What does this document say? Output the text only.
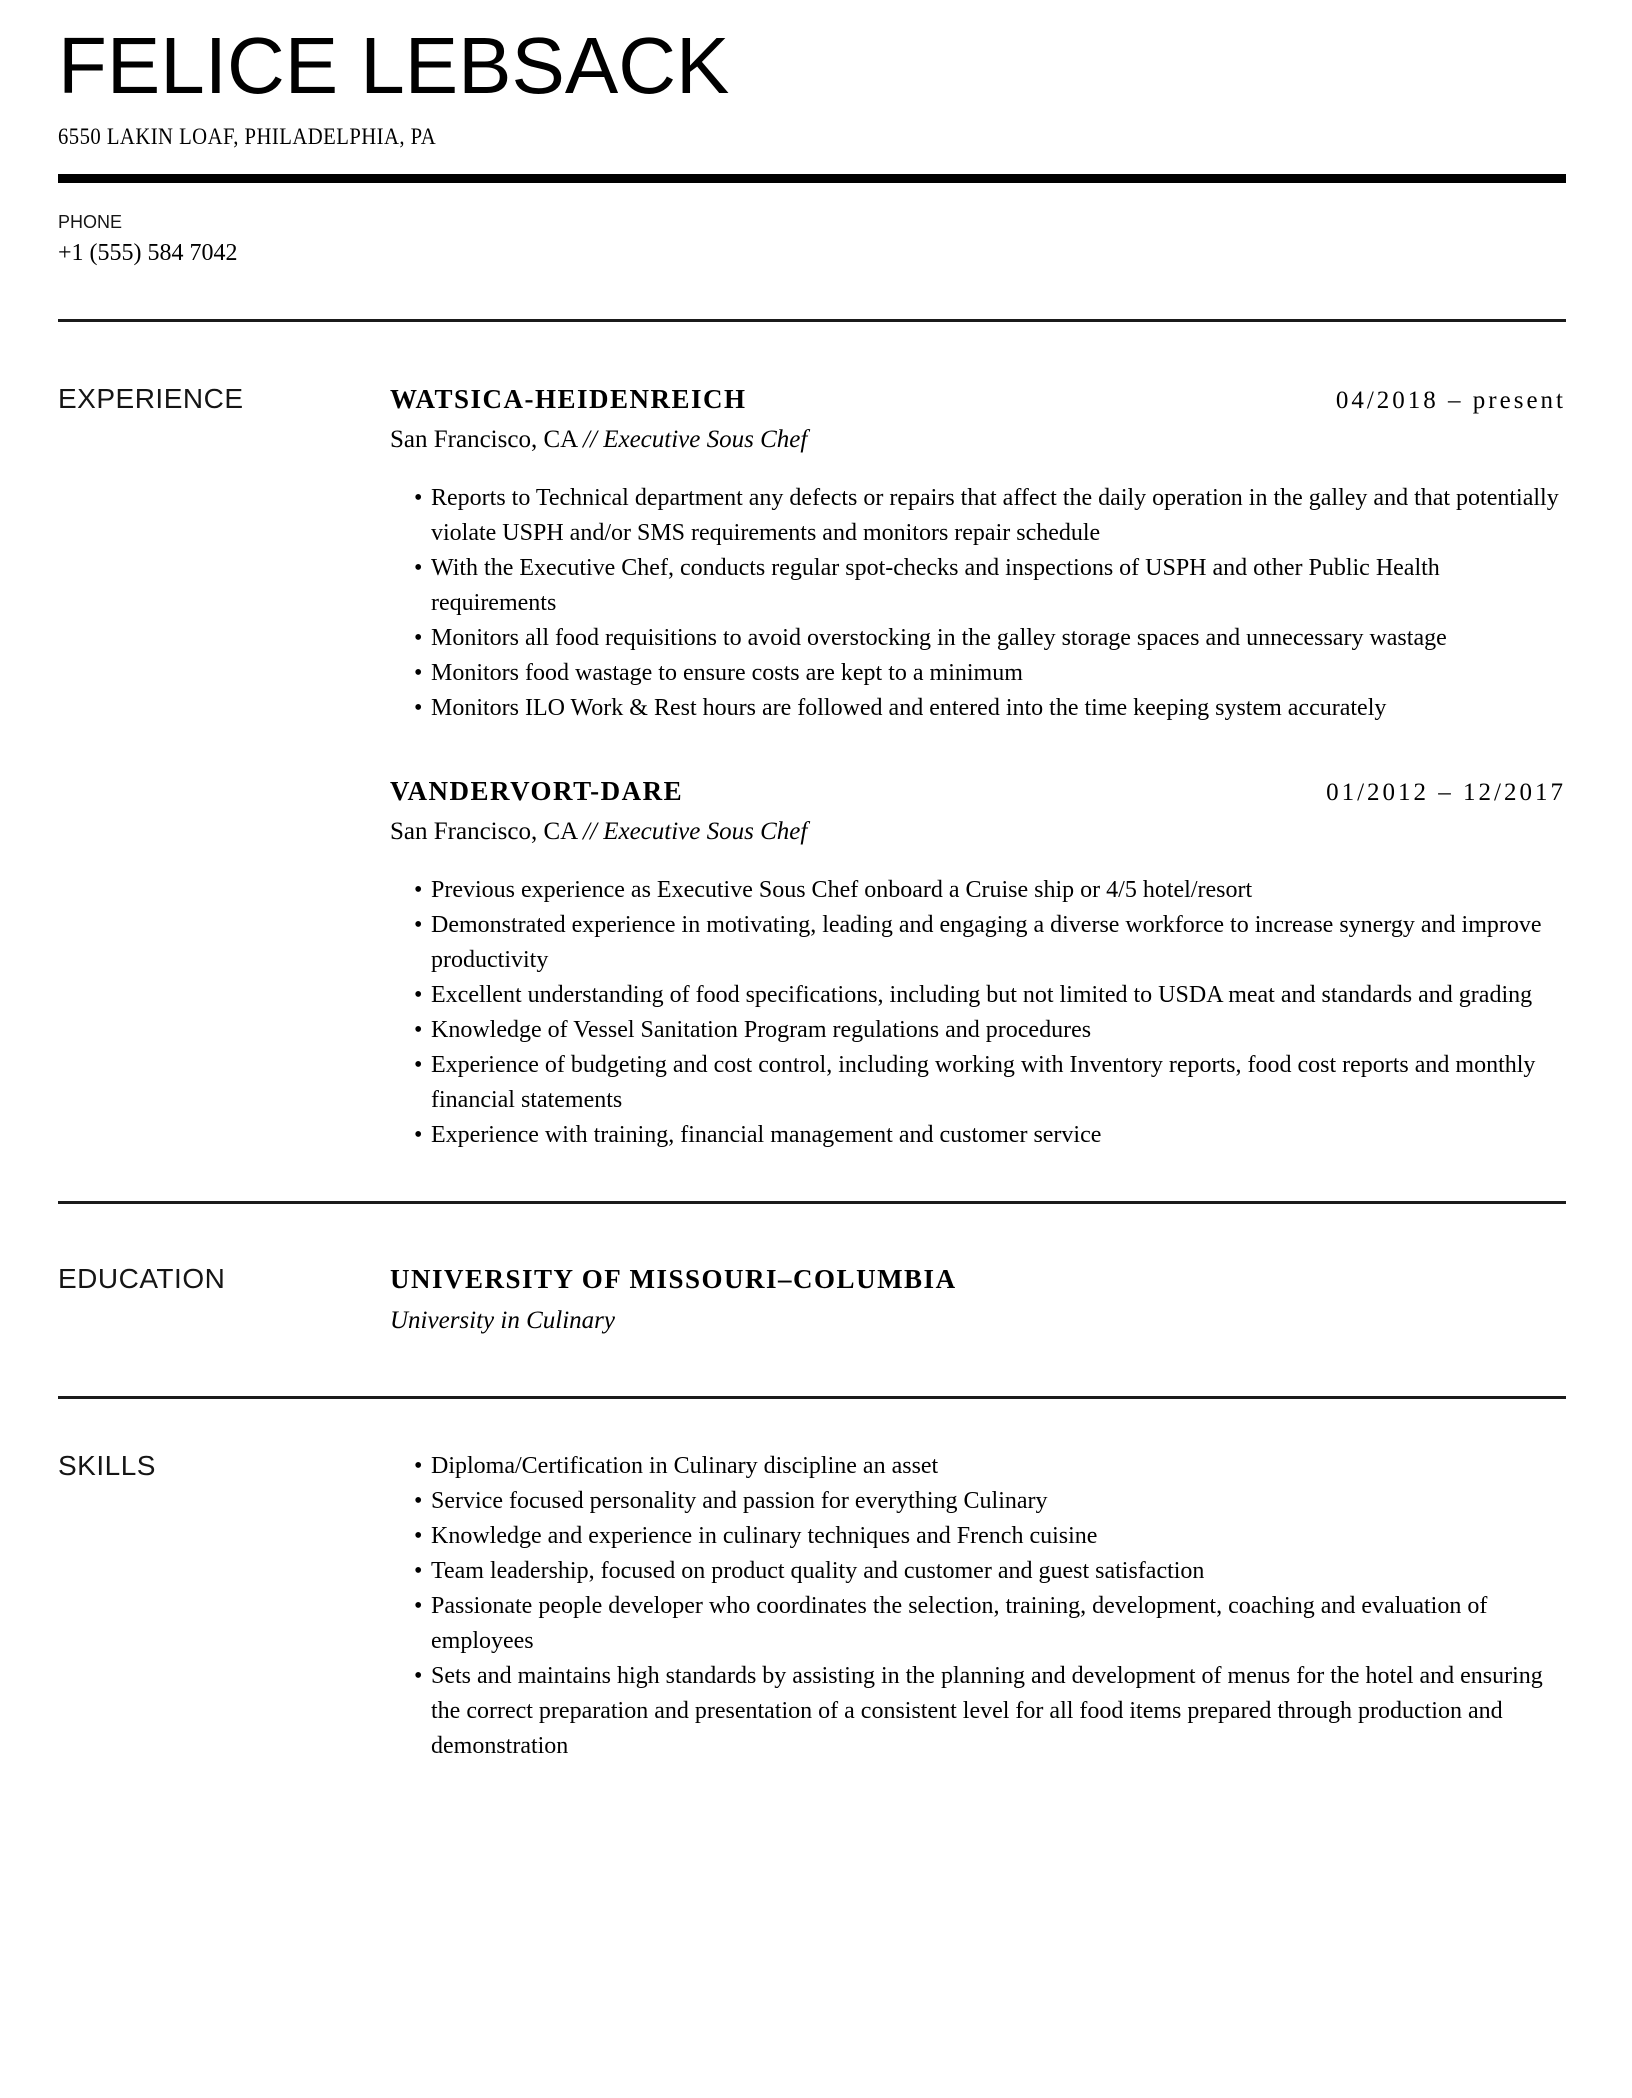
FELICE LEBSACK
6550 LAKIN LOAF, PHILADELPHIA, PA
PHONE
+1 (555) 584 7042
EXPERIENCE	WATSICA-HEIDENREICH	04/2018 – present
San Francisco, CA // Executive Sous Chef
• Reports to Technical department any defects or repairs that affect the daily operation in the galley and that potentially violate USPH and/or SMS requirements and monitors repair schedule
• With the Executive Chef, conducts regular spot-checks and inspections of USPH and other Public Health requirements
• Monitors all food requisitions to avoid overstocking in the galley storage spaces and unnecessary wastage
• Monitors food wastage to ensure costs are kept to a minimum
• Monitors ILO Work & Rest hours are followed and entered into the time keeping system accurately
VANDERVORT-DARE	01/2012 – 12/2017
San Francisco, CA // Executive Sous Chef
• Previous experience as Executive Sous Chef onboard a Cruise ship or 4/5 hotel/resort
• Demonstrated experience in motivating, leading and engaging a diverse workforce to increase synergy and improve productivity
• Excellent understanding of food specifications, including but not limited to USDA meat and standards and grading
• Knowledge of Vessel Sanitation Program regulations and procedures
• Experience of budgeting and cost control, including working with Inventory reports, food cost reports and monthly financial statements
• Experience with training, financial management and customer service
EDUCATION	UNIVERSITY OF MISSOURI–COLUMBIA
University in Culinary
SKILLS	• Diploma/Certification in Culinary discipline an asset
• Service focused personality and passion for everything Culinary
• Knowledge and experience in culinary techniques and French cuisine
• Team leadership, focused on product quality and customer and guest satisfaction
• Passionate people developer who coordinates the selection, training, development, coaching and evaluation of employees
• Sets and maintains high standards by assisting in the planning and development of menus for the hotel and ensuring the correct preparation and presentation of a consistent level for all food items prepared through production and demonstration
